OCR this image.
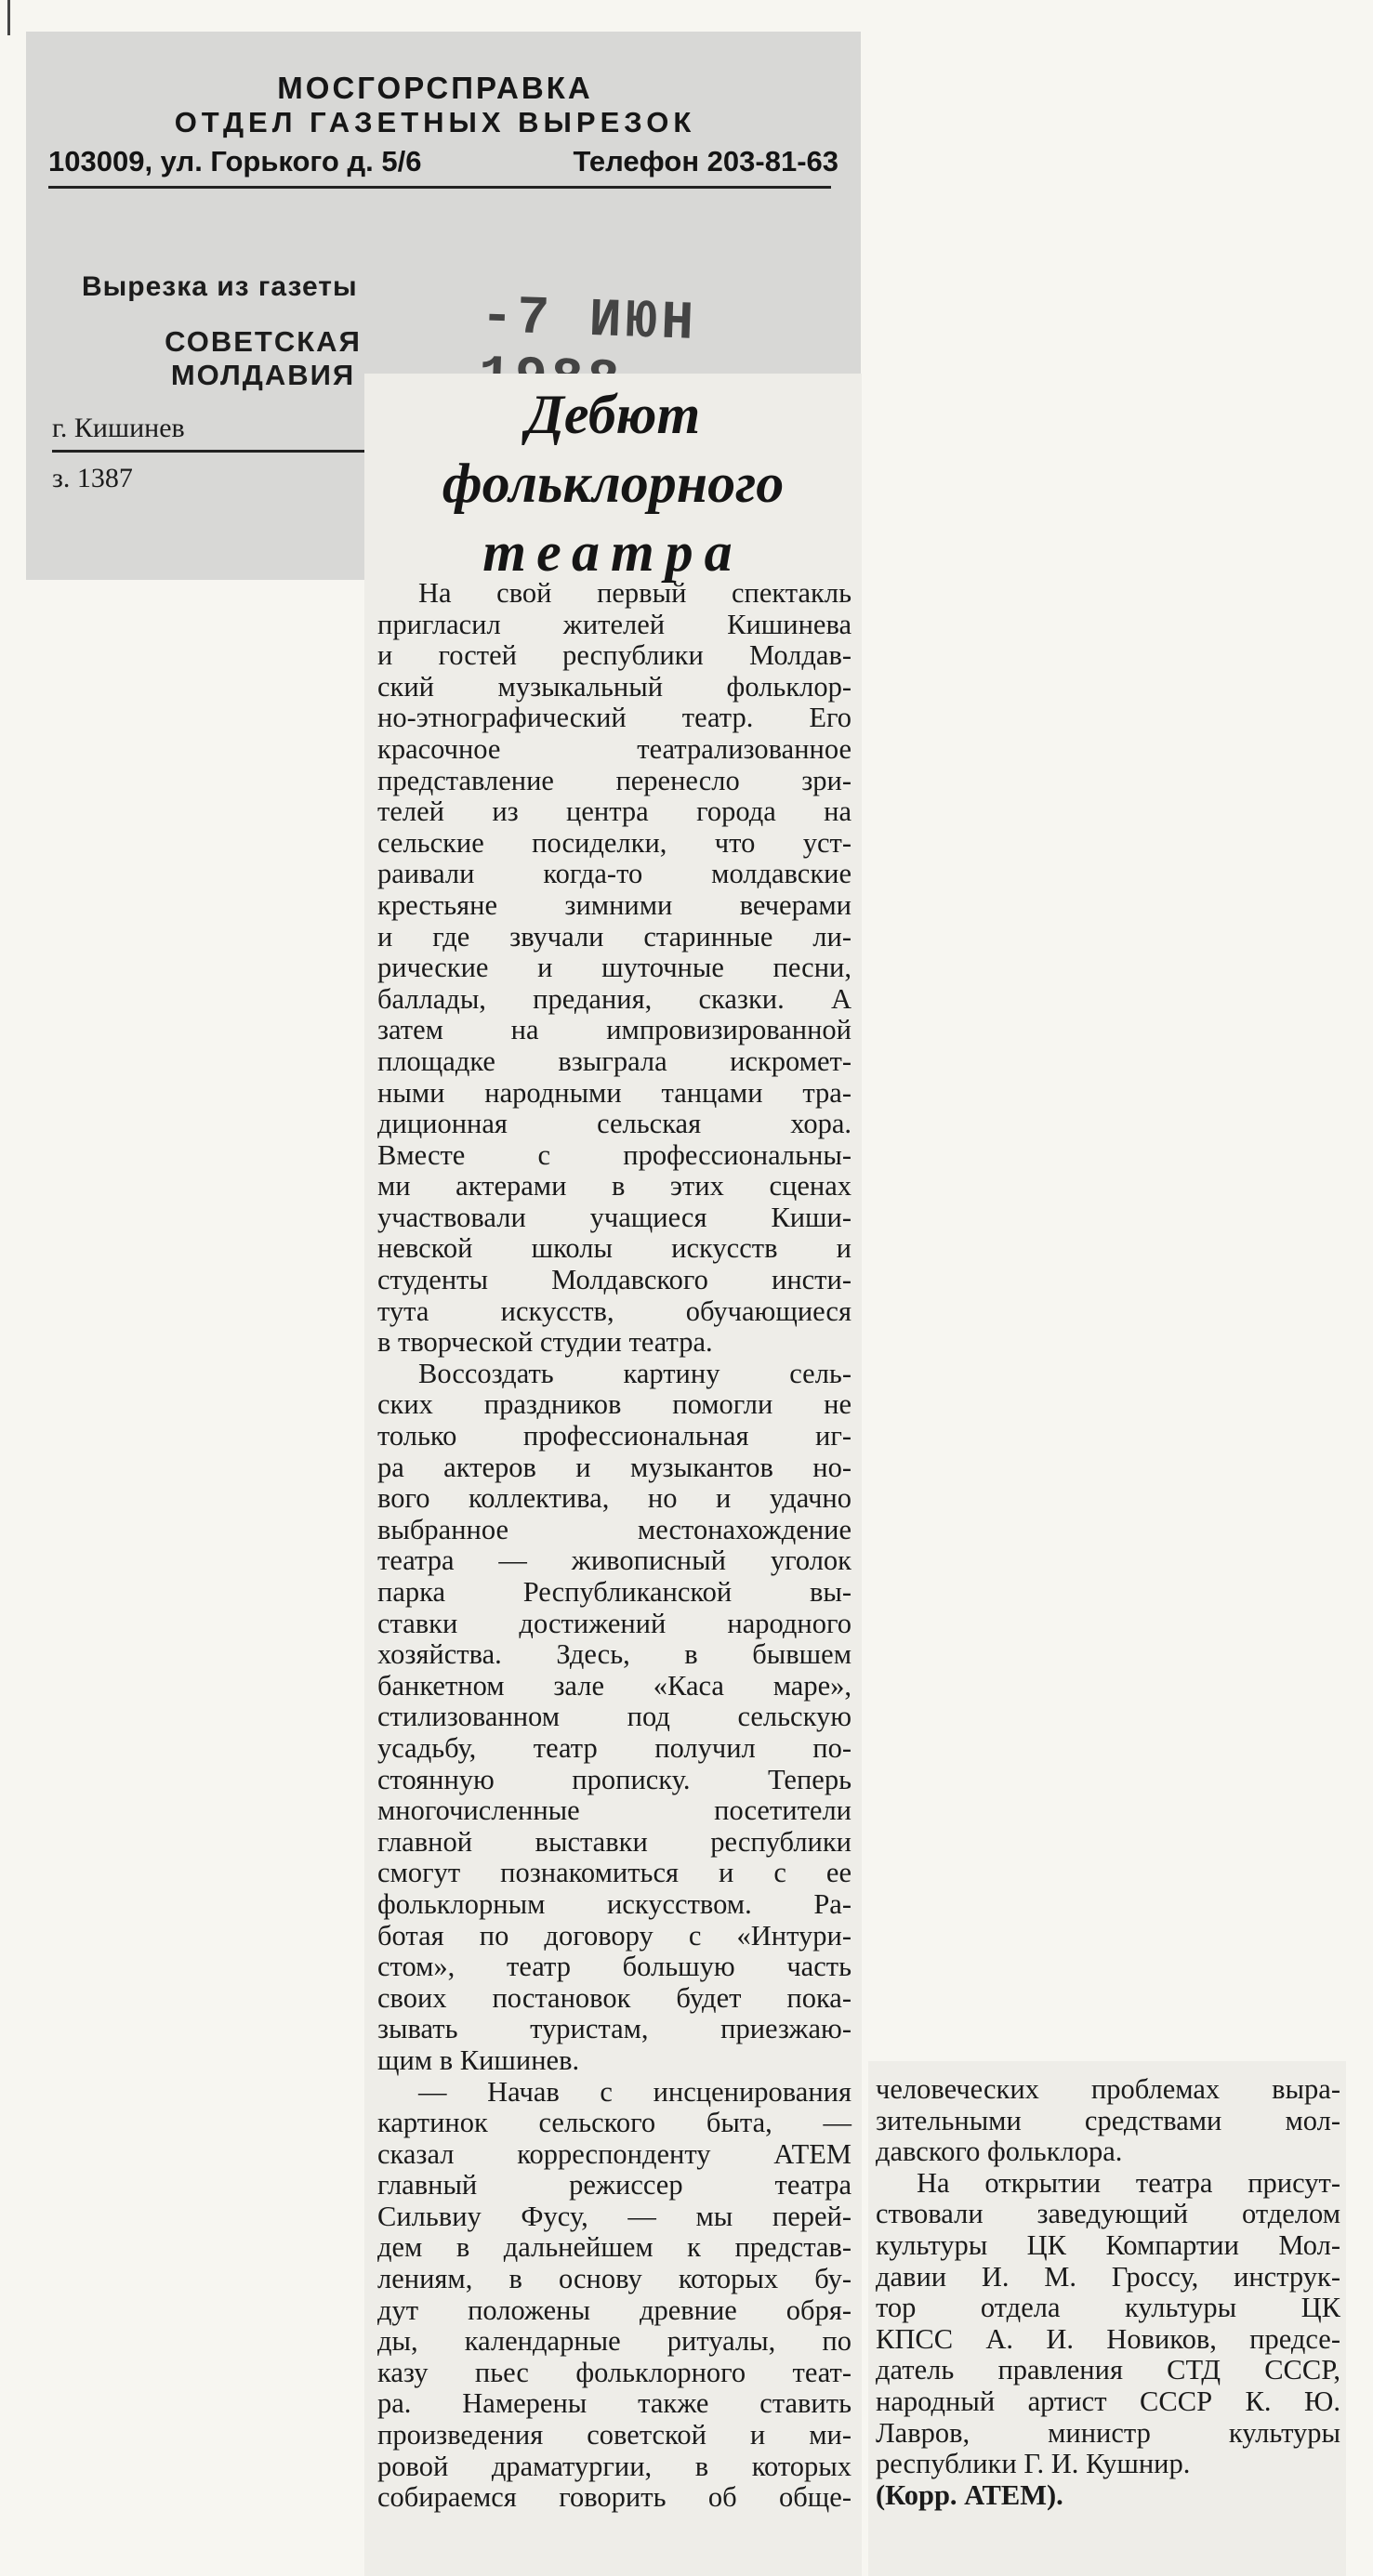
МОСГОРСПРАВКА
ОТДЕЛ ГАЗЕТНЫХ ВЫРЕЗОК
103009, ул. Горького д. 5/6	Телефон 203-81-63
Вырезка из газеты
СОВЕТСКАЯ
МОЛДАВИЯ
г. Кишинев
з. 1387
-7 ИЮН
Дебют
фольклорного
театра
На свой первый спектакль
пригласил жителей Кишинева
и гостей республики Молдав-
ский музыкальный фольклор-
но-этнографический театр. Его
красочное театрализованное
представление перенесло зри-
телей из центра города на
сельские посиделки, что уст-
раивали когда-то молдавские
крестьяне зимними вечерами
и где звучали старинные ли-
рические и шуточные песни,
баллады, предания, сказки. А
затем на импровизированной
площадке взыграла искромет-
ными народными танцами тра-
диционная сельская хора.
Вместе с профессиональны-
ми актерами в этих сценах
участвовали учащиеся Киши-
невской школы искусств и
студенты Молдавского инсти-
тута искусств, обучающиеся
в творческой студии театра.
Воссоздать картину сель-
ских праздников помогли не
только профессиональная иг-
ра актеров и музыкантов но-
вого коллектива, но и удачно
выбранное местонахождение
театра — живописный уголок
парка Республиканской вы-
ставки достижений народного
хозяйства. Здесь, в бывшем
банкетном зале «Каса маре»,
стилизованном под сельскую
усадьбу, театр получил по-
стоянную прописку. Теперь
многочисленные посетители
главной выставки республики
смогут познакомиться и с ее
фольклорным искусством. Ра-
ботая по договору с «Интури-
стом», театр большую часть
своих постановок будет пока-
зывать туристам, приезжаю-
щим в Кишинев.
— Начав с инсценирования
картинок сельского быта, —
сказал корреспонденту АТЕМ
главный режиссер театра
Сильвиу Фусу, — мы перей-
дем в дальнейшем к представ-
лениям, в основу которых бу-
дут положены древние обря-
ды, календарные ритуалы, по
казу пьес фольклорного теат-
ра. Намерены также ставить
произведения советской и ми-
ровой драматургии, в которых
собираемся говорить об обще-
человеческих проблемах выра-
зительными средствами мол-
давского фольклора.
На открытии театра присут-
ствовали заведующий отделом
культуры ЦК Компартии Мол-
давии И. М. Гроссу, инструк-
тор отдела культуры ЦК
КПСС А. И. Новиков, предсе-
датель правления СТД СССР,
народный артист СССР К. Ю.
Лавров, министр культуры
республики Г. И. Кушнир.
(Корр. АТЕМ).
